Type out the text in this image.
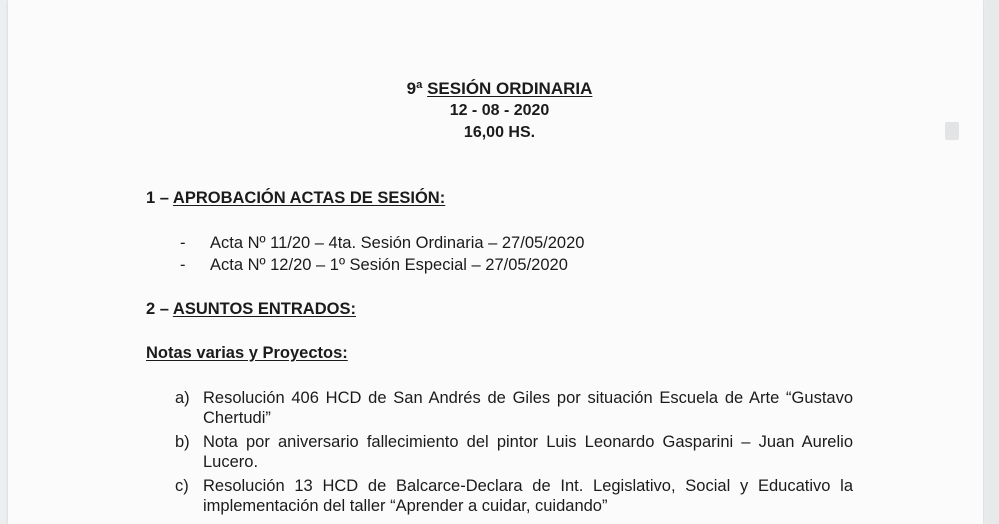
9ª SESIÓN ORDINARIA
12 - 08 - 2020
16,00 HS.
1 – APROBACIÓN ACTAS DE SESIÓN:
- Acta Nº 11/20 – 4ta. Sesión Ordinaria – 27/05/2020
- Acta Nº 12/20 – 1º Sesión Especial – 27/05/2020
2 – ASUNTOS ENTRADOS:
Notas varias y Proyectos:
a) Resolución 406 HCD de San Andrés de Giles por situación Escuela de Arte “Gustavo Chertudi”
b) Nota por aniversario fallecimiento del pintor Luis Leonardo Gasparini – Juan Aurelio Lucero.
c) Resolución 13 HCD de Balcarce-Declara de Int. Legislativo, Social y Educativo la implementación del taller “Aprender a cuidar, cuidando”
